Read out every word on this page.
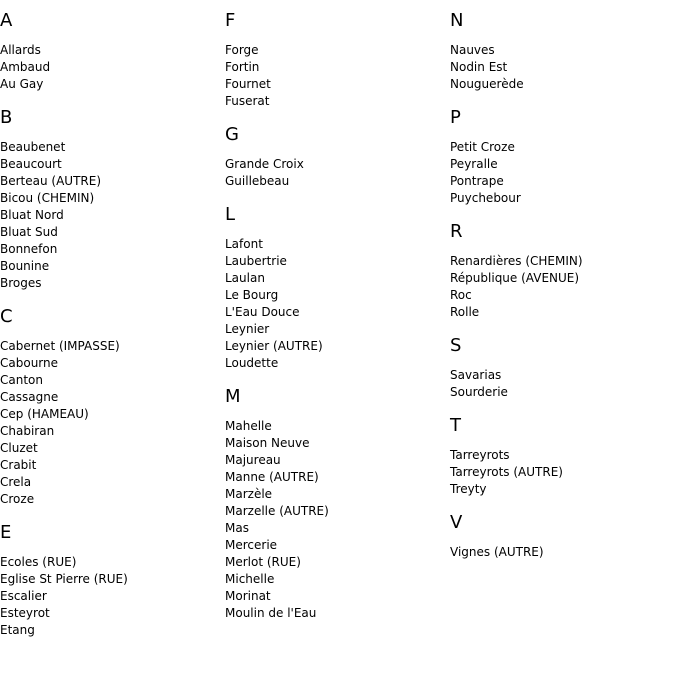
A
Allards
Ambaud
Au Gay
B
Beaubenet
Beaucourt
Berteau (AUTRE)
Bicou (CHEMIN)
Bluat Nord
Bluat Sud
Bonnefon
Bounine
Broges
C
Cabernet (IMPASSE)
Cabourne
Canton
Cassagne
Cep (HAMEAU)
Chabiran
Cluzet
Crabit
Crela
Croze
E
Ecoles (RUE)
Eglise St Pierre (RUE)
Escalier
Esteyrot
Etang
F
Forge
Fortin
Fournet
Fuserat
G
Grande Croix
Guillebeau
L
Lafont
Laubertrie
Laulan
Le Bourg
L'Eau Douce
Leynier
Leynier (AUTRE)
Loudette
M
Mahelle
Maison Neuve
Majureau
Manne (AUTRE)
Marzèle
Marzelle (AUTRE)
Mas
Mercerie
Merlot (RUE)
Michelle
Morinat
Moulin de l'Eau
N
Nauves
Nodin Est
Nouguerède
P
Petit Croze
Peyralle
Pontrape
Puychebour
R
Renardières (CHEMIN)
République (AVENUE)
Roc
Rolle
S
Savarias
Sourderie
T
Tarreyrots
Tarreyrots (AUTRE)
Treyty
V
Vignes (AUTRE)
